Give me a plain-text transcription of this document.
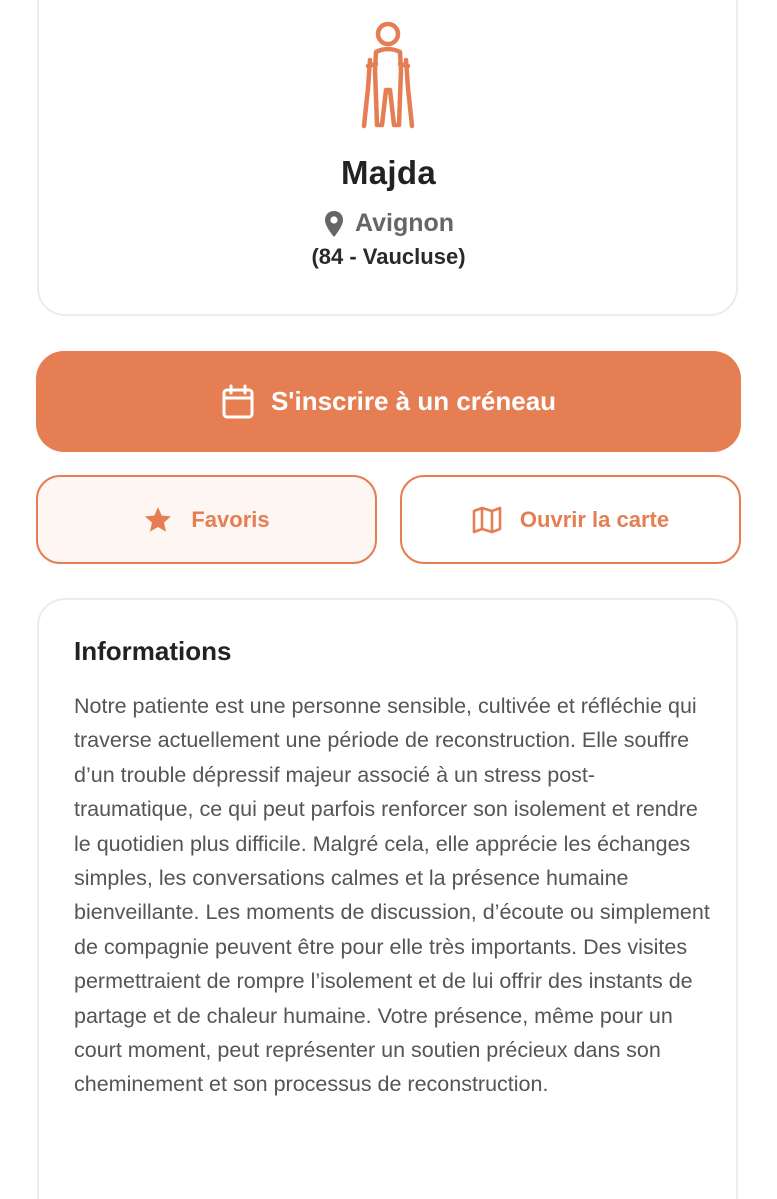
Majda
Avignon
(84 - Vaucluse)
S'inscrire à un créneau
Favoris	Ouvrir la carte
Informations

Notre patiente est une personne sensible, cultivée et réfléchie qui traverse actuellement une période de reconstruction. Elle souffre d’un trouble dépressif majeur associé à un stress post-traumatique, ce qui peut parfois renforcer son isolement et rendre le quotidien plus difficile. Malgré cela, elle apprécie les échanges simples, les conversations calmes et la présence humaine bienveillante. Les moments de discussion, d’écoute ou simplement de compagnie peuvent être pour elle très importants. Des visites permettraient de rompre l’isolement et de lui offrir des instants de partage et de chaleur humaine. Votre présence, même pour un court moment, peut représenter un soutien précieux dans son cheminement et son processus de reconstruction.
